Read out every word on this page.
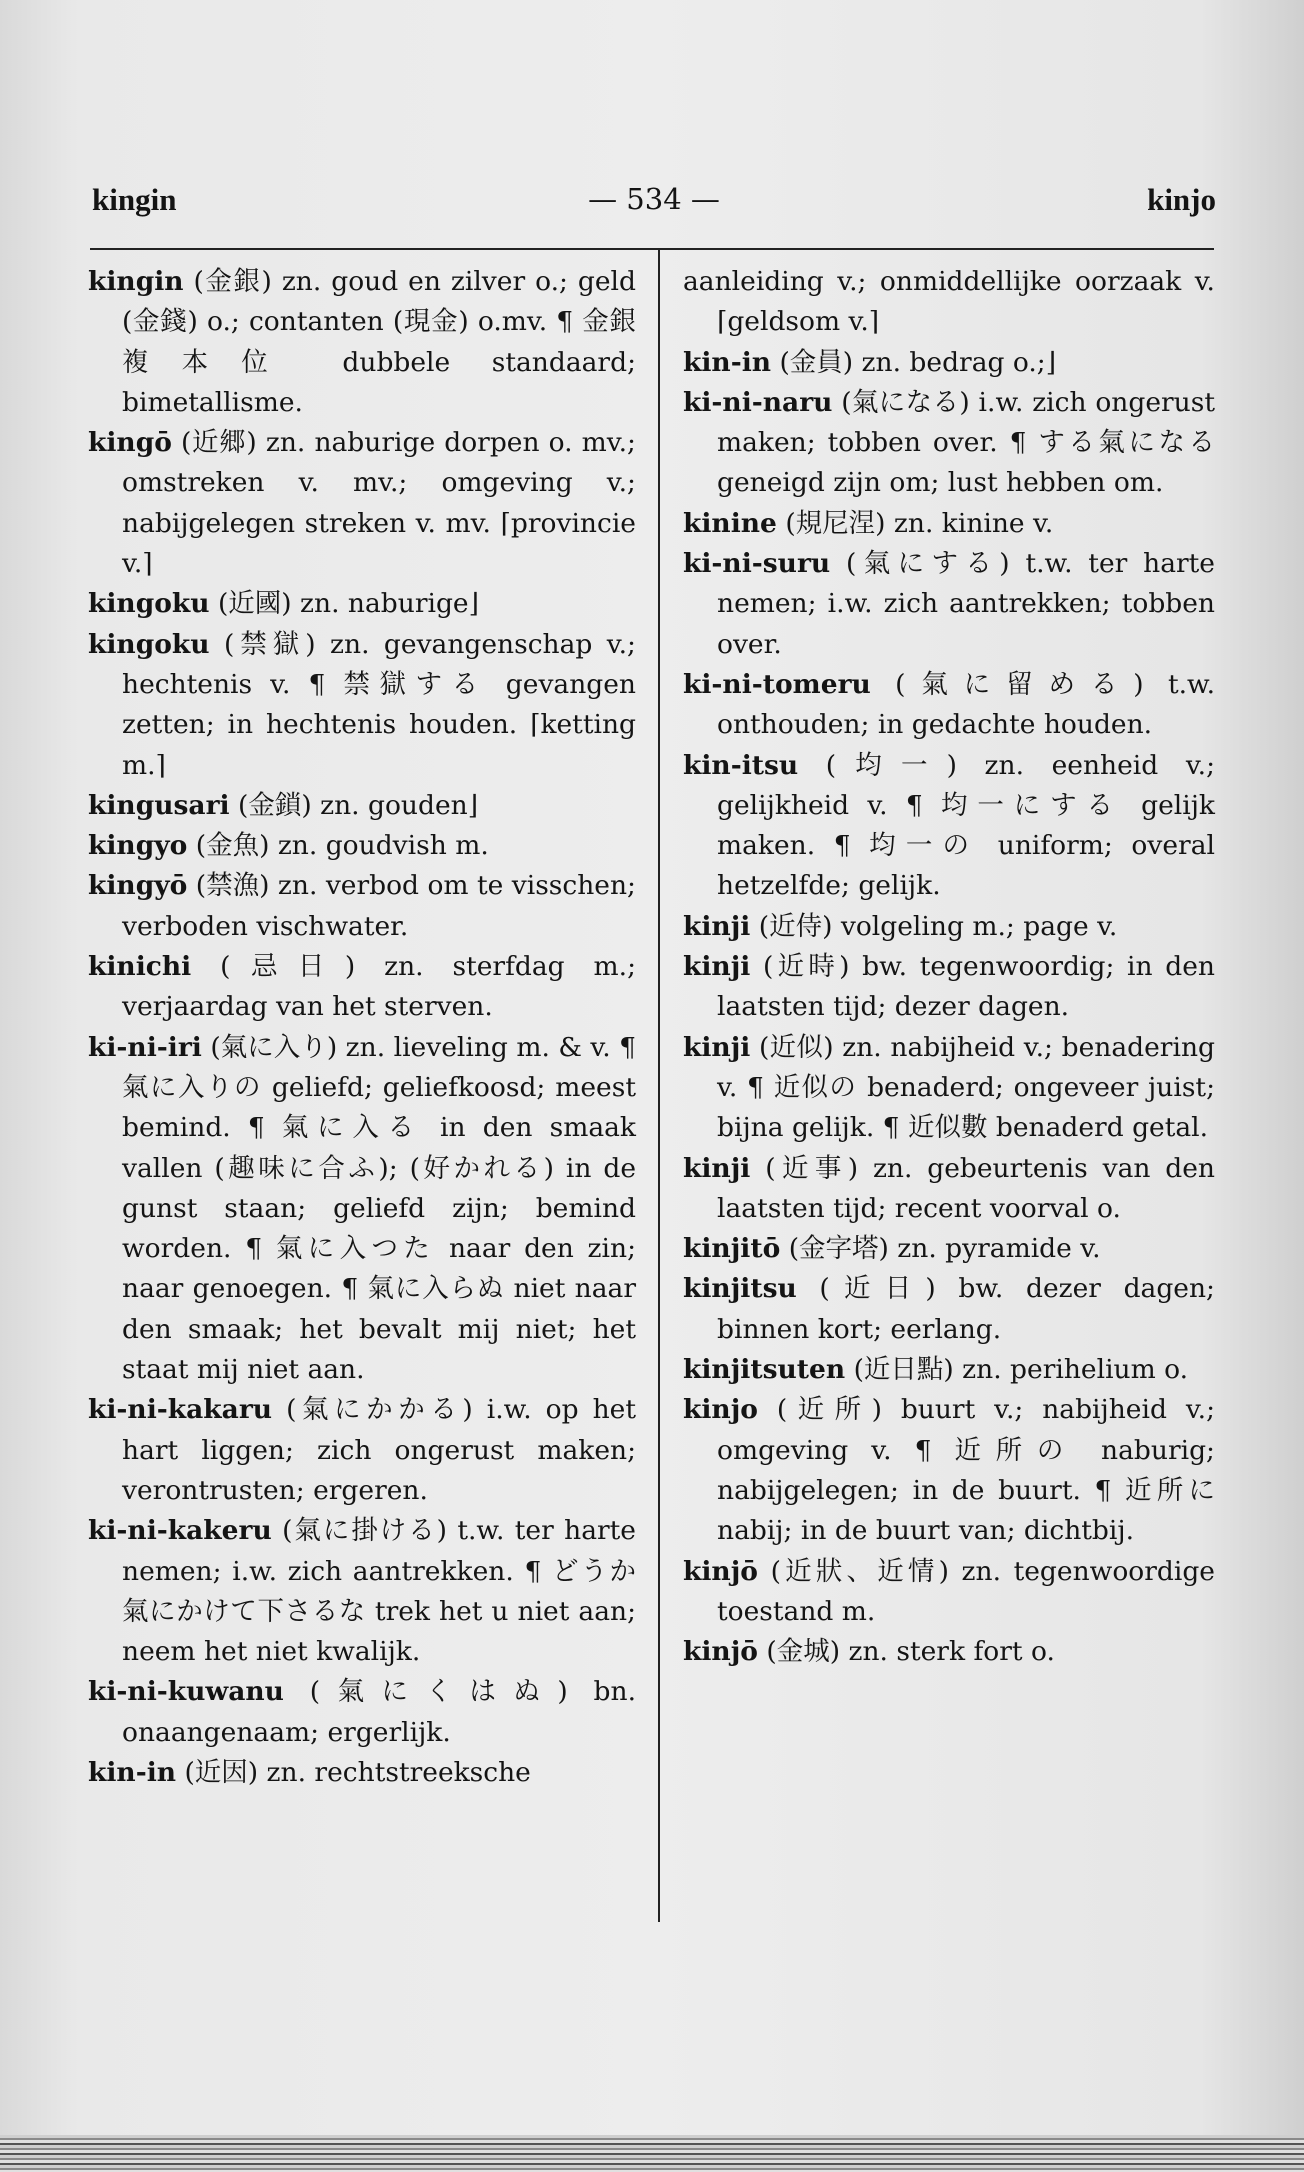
kingin	— 534 —	kinjo

kingin (金銀) zn. goud en zilver o.; geld (金錢) o.; contanten (現金) o.mv. ¶ 金銀複本位 dubbele standaard; bimetallisme.

kingō (近郷) zn. naburige dorpen o. mv.; omstreken v. mv.; omgeving v.; nabijgelegen streken v. mv. ⌈provincie v.⌉

kingoku (近國) zn. naburige⌋

kingoku (禁獄) zn. gevangenschap v.; hechtenis v. ¶ 禁獄する gevangen zetten; in hechtenis houden. ⌈ketting m.⌉

kingusari (金鎖) zn. gouden⌋

kingyo (金魚) zn. goudvish m.

kingyō (禁漁) zn. verbod om te visschen; verboden vischwater.

kinichi (忌日) zn. sterfdag m.; verjaardag van het sterven.

ki-ni-iri (氣に入り) zn. lieveling m. & v. ¶ 氣に入りの geliefd; geliefkoosd; meest bemind. ¶ 氣に入る in den smaak vallen (趣味に合ふ); (好かれる) in de gunst staan; geliefd zijn; bemind worden. ¶ 氣に入つた naar den zin; naar genoegen. ¶ 氣に入らぬ niet naar den smaak; het bevalt mij niet; het staat mij niet aan.

ki-ni-kakaru (氣にかかる) i.w. op het hart liggen; zich ongerust maken; verontrusten; ergeren.

ki-ni-kakeru (氣に掛ける) t.w. ter harte nemen; i.w. zich aantrekken. ¶ どうか氣にかけて下さるな trek het u niet aan; neem het niet kwalijk.

ki-ni-kuwanu (氣にくはぬ) bn. onaangenaam; ergerlijk.

kin-in (近因) zn. rechtstreeksche

aanleiding v.; onmiddellijke oorzaak v. ⌈geldsom v.⌉

kin-in (金員) zn. bedrag o.;⌋

ki-ni-naru (氣になる) i.w. zich ongerust maken; tobben over. ¶ する氣になる geneigd zijn om; lust hebben om.

kinine (規尼涅) zn. kinine v.

ki-ni-suru (氣にする) t.w. ter harte nemen; i.w. zich aantrekken; tobben over.

ki-ni-tomeru (氣に留める) t.w. onthouden; in gedachte houden.

kin-itsu (均一) zn. eenheid v.; gelijkheid v. ¶ 均一にする gelijk maken. ¶ 均一の uniform; overal hetzelfde; gelijk.

kinji (近侍) volgeling m.; page v.

kinji (近時) bw. tegenwoordig; in den laatsten tijd; dezer dagen.

kinji (近似) zn. nabijheid v.; benadering v. ¶ 近似の benaderd; ongeveer juist; bijna gelijk. ¶ 近似數 benaderd getal.

kinji (近事) zn. gebeurtenis van den laatsten tijd; recent voorval o.

kinjitō (金字塔) zn. pyramide v.

kinjitsu (近日) bw. dezer dagen; binnen kort; eerlang.

kinjitsuten (近日點) zn. perihelium o.

kinjo (近所) buurt v.; nabijheid v.; omgeving v. ¶ 近所の naburig; nabijgelegen; in de buurt. ¶ 近所に nabij; in de buurt van; dichtbij.

kinjō (近狀、近情) zn. tegenwoordige toestand m.

kinjō (金城) zn. sterk fort o.
